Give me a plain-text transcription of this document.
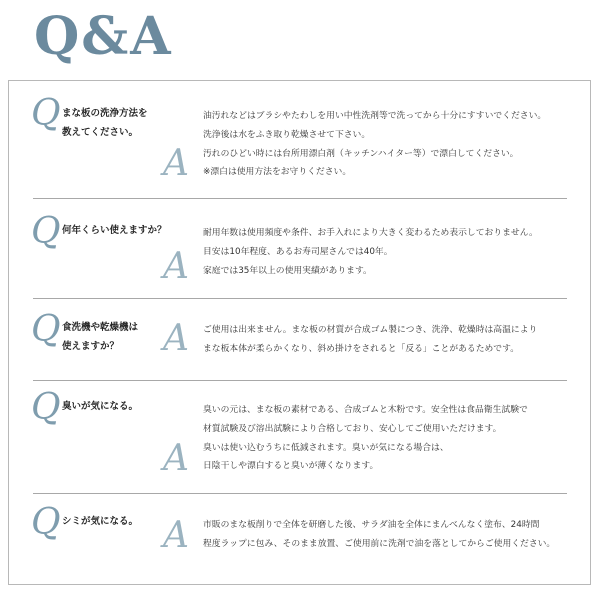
Q&A
Q まな板の洗浄方法を
教えてください。
A
油汚れなどはブラシやたわしを用い中性洗剤等で洗ってから十分にすすいでください。
洗浄後は水をふき取り乾燥させて下さい。
汚れのひどい時には台所用漂白剤（キッチンハイター等）で漂白してください。
※漂白は使用方法をお守りください。
Q 何年くらい使えますか？
A
耐用年数は使用頻度や条件、お手入れにより大きく変わるため表示しておりません。
目安は10年程度、あるお寿司屋さんでは40年。
家庭では35年以上の使用実績があります。
Q 食洗機や乾燥機は
使えますか？	A ご使用は出来ません。まな板の材質が合成ゴム製につき、洗浄、乾燥時は高温により
まな板本体が柔らかくなり、斜め掛けをされると「反る」ことがあるためです。
Q 臭いが気になる。
A
臭いの元は、まな板の素材である、合成ゴムと木粉です。安全性は食品衛生試験で
材質試験及び溶出試験により合格しており、安心してご使用いただけます。
臭いは使い込むうちに低減されます。臭いが気になる場合は、
日陰干しや漂白すると臭いが薄くなります。
Q シミが気になる。 A 市販のまな板削りで全体を研磨した後、サラダ油を全体にまんべんなく塗布、24時間
程度ラップに包み、そのまま放置、ご使用前に洗剤で油を落としてからご使用ください。
